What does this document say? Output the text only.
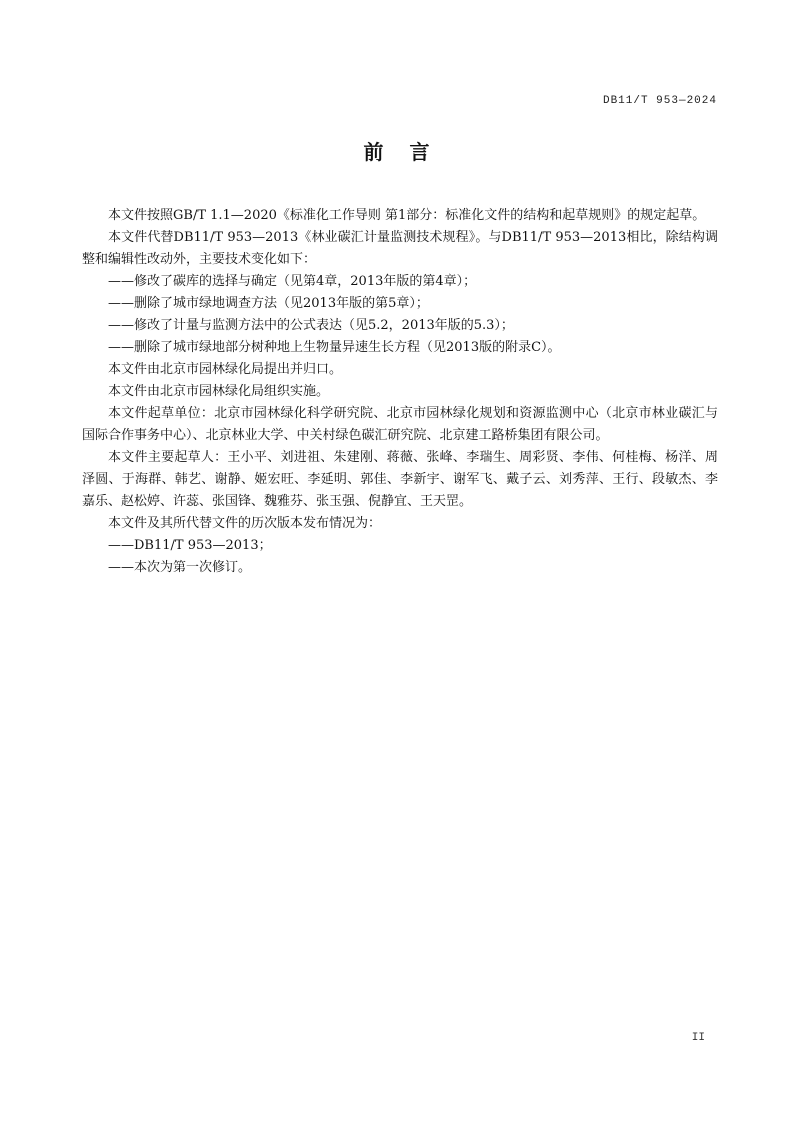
DB11/T 953—2024
前言

本文件按照GB/T 1.1—2020《标准化工作导则 第1部分：标准化文件的结构和起草规则》的规定起草。

本文件代替DB11/T 953—2013《林业碳汇计量监测技术规程》。与DB11/T 953—2013相比，除结构调整和编辑性改动外，主要技术变化如下：

——修改了碳库的选择与确定（见第4章，2013年版的第4章）；

——删除了城市绿地调查方法（见2013年版的第5章）；

——修改了计量与监测方法中的公式表达（见5.2，2013年版的5.3）；

——删除了城市绿地部分树种地上生物量异速生长方程（见2013版的附录C）。

本文件由北京市园林绿化局提出并归口。

本文件由北京市园林绿化局组织实施。

本文件起草单位：北京市园林绿化科学研究院、北京市园林绿化规划和资源监测中心（北京市林业碳汇与国际合作事务中心）、北京林业大学、中关村绿色碳汇研究院、北京建工路桥集团有限公司。

本文件主要起草人：王小平、刘进祖、朱建刚、蒋薇、张峰、李瑞生、周彩贤、李伟、何桂梅、杨洋、周泽圆、于海群、韩艺、谢静、姬宏旺、李延明、郭佳、李新宇、谢军飞、戴子云、刘秀萍、王行、段敏杰、李嘉乐、赵松婷、许蕊、张国锋、魏雅芬、张玉强、倪静宜、王天罡。

本文件及其所代替文件的历次版本发布情况为：

——DB11/T 953—2013；

——本次为第一次修订。

II
